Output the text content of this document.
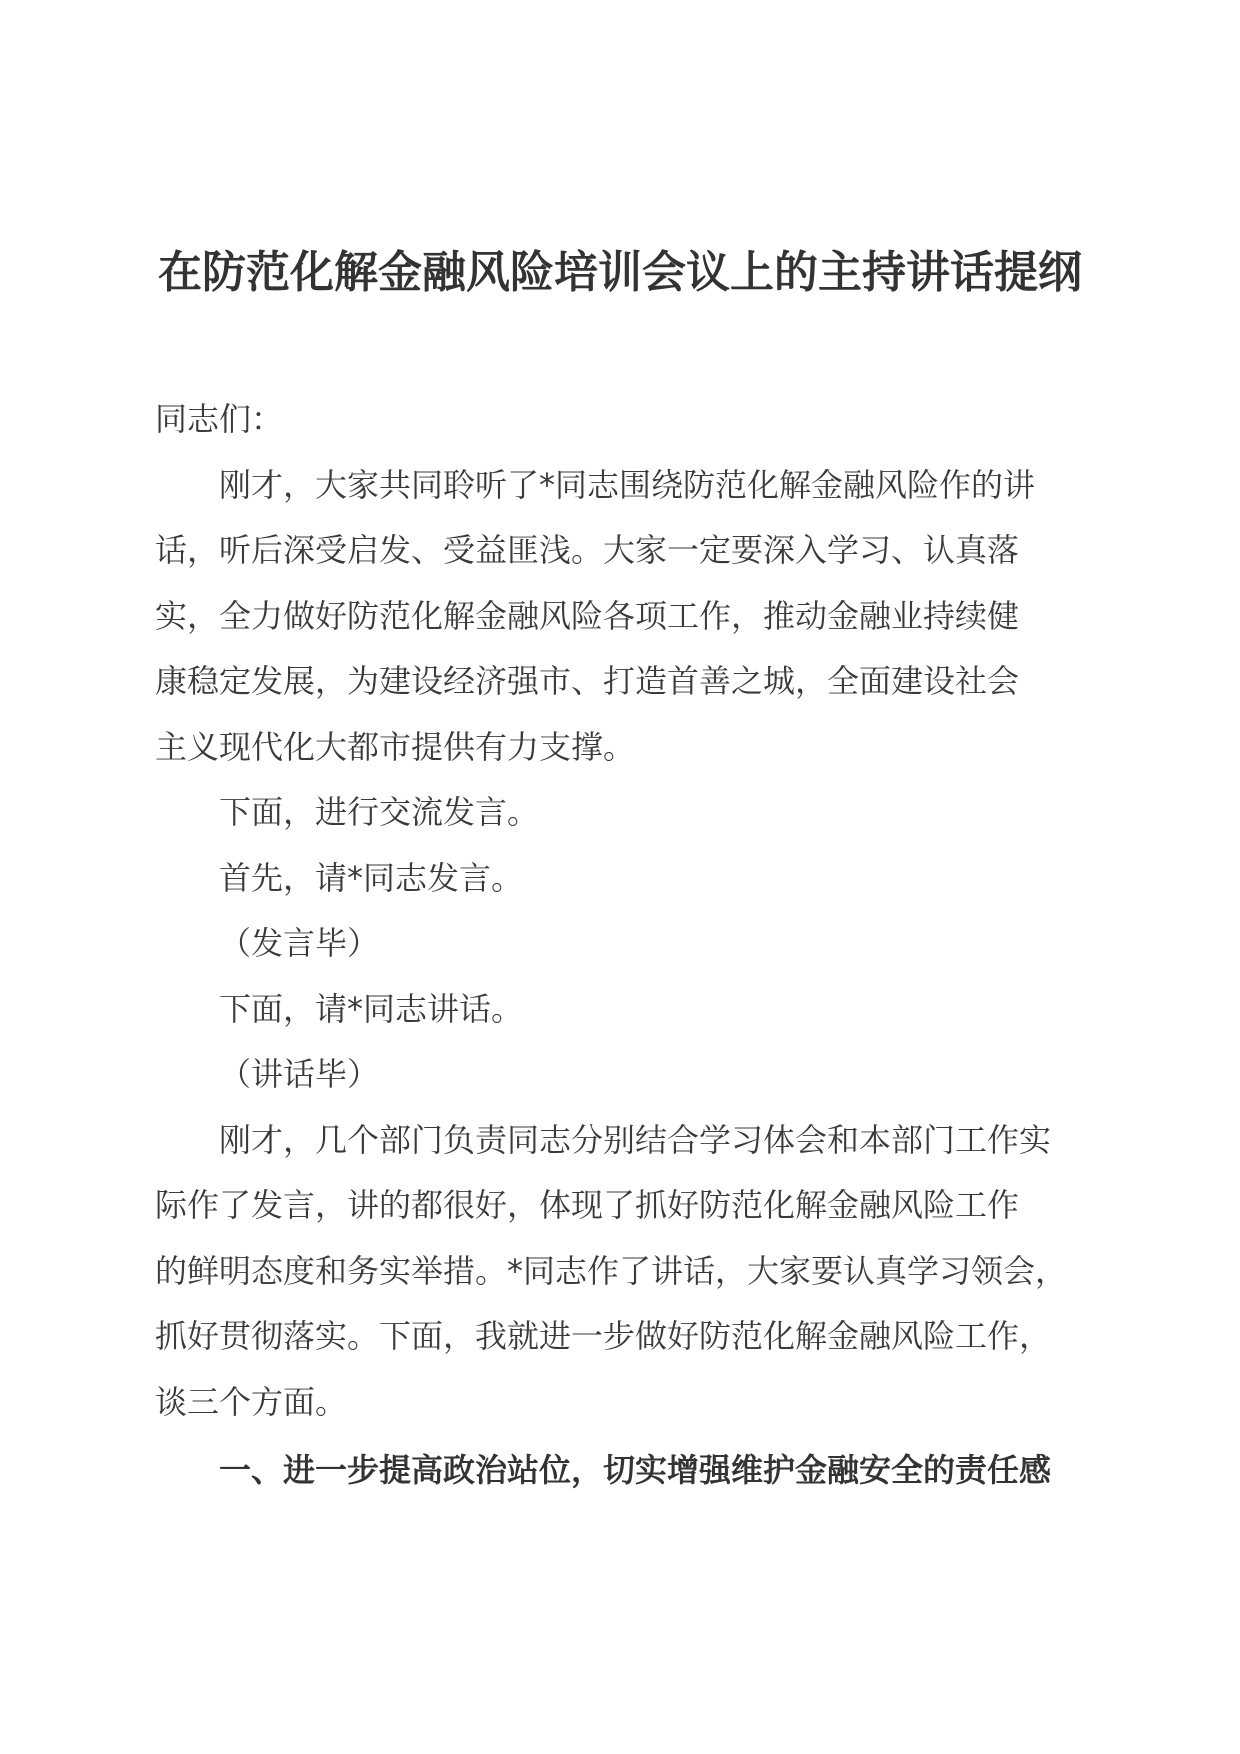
在防范化解金融风险培训会议上的主持讲话提纲

同志们：

刚才，大家共同聆听了*同志围绕防范化解金融风险作的讲
话，听后深受启发、受益匪浅。大家一定要深入学习、认真落
实，全力做好防范化解金融风险各项工作，推动金融业持续健
康稳定发展，为建设经济强市、打造首善之城，全面建设社会
主义现代化大都市提供有力支撑。

下面，进行交流发言。

首先，请*同志发言。

（发言毕）

下面，请*同志讲话。

（讲话毕）

刚才，几个部门负责同志分别结合学习体会和本部门工作实
际作了发言，讲的都很好，体现了抓好防范化解金融风险工作
的鲜明态度和务实举措。*同志作了讲话，大家要认真学习领会，
抓好贯彻落实。下面，我就进一步做好防范化解金融风险工作，
谈三个方面。

一、进一步提高政治站位，切实增强维护金融安全的责任感
